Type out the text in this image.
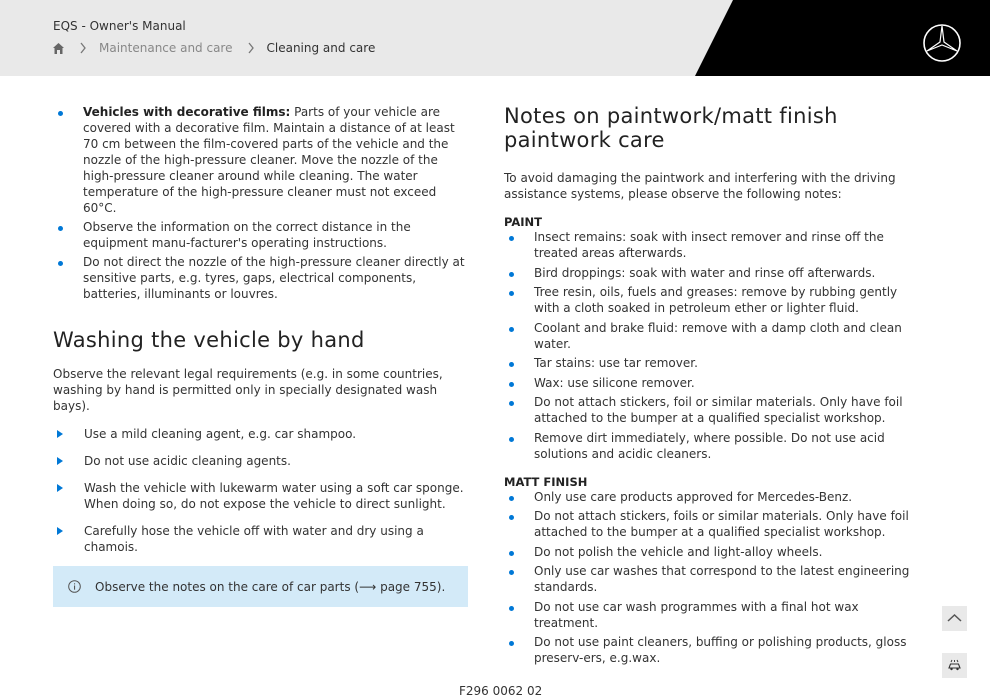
EQS - Owner's Manual
Maintenance and care	Cleaning and care
Vehicles with decorative films: Parts of your vehicle are covered with a decorative film. Maintain a distance of at least 70 cm between the film-covered parts of the vehicle and the nozzle of the high-pressure cleaner. Move the nozzle of the high-pressure cleaner around while cleaning. The water temperature of the high-pressure cleaner must not exceed 60°C.
Observe the information on the correct distance in the equipment manu-facturer's operating instructions.
Do not direct the nozzle of the high-pressure cleaner directly at sensitive parts, e.g. tyres, gaps, electrical components, batteries, illuminants or louvres.
Washing the vehicle by hand
Observe the relevant legal requirements (e.g. in some countries, washing by hand is permitted only in specially designated wash bays).
Use a mild cleaning agent, e.g. car shampoo.
Do not use acidic cleaning agents.
Wash the vehicle with lukewarm water using a soft car sponge. When doing so, do not expose the vehicle to direct sunlight.
Carefully hose the vehicle off with water and dry using a chamois.
Observe the notes on the care of car parts (⟶ page 755).
Notes on paintwork/matt finish paintwork care
To avoid damaging the paintwork and interfering with the driving assistance systems, please observe the following notes:
PAINT
Insect remains: soak with insect remover and rinse off the treated areas afterwards.
Bird droppings: soak with water and rinse off afterwards.
Tree resin, oils, fuels and greases: remove by rubbing gently with a cloth soaked in petroleum ether or lighter fluid.
Coolant and brake fluid: remove with a damp cloth and clean water.
Tar stains: use tar remover.
Wax: use silicone remover.
Do not attach stickers, foil or similar materials. Only have foil attached to the bumper at a qualified specialist workshop.
Remove dirt immediately, where possible. Do not use acid solutions and acidic cleaners.
MATT FINISH
Only use care products approved for Mercedes-Benz.
Do not attach stickers, foils or similar materials. Only have foil attached to the bumper at a qualified specialist workshop.
Do not polish the vehicle and light-alloy wheels.
Only use car washes that correspond to the latest engineering standards.
Do not use car wash programmes with a final hot wax treatment.
Do not use paint cleaners, buffing or polishing products, gloss preserv-ers, e.g.wax.
F296 0062 02
